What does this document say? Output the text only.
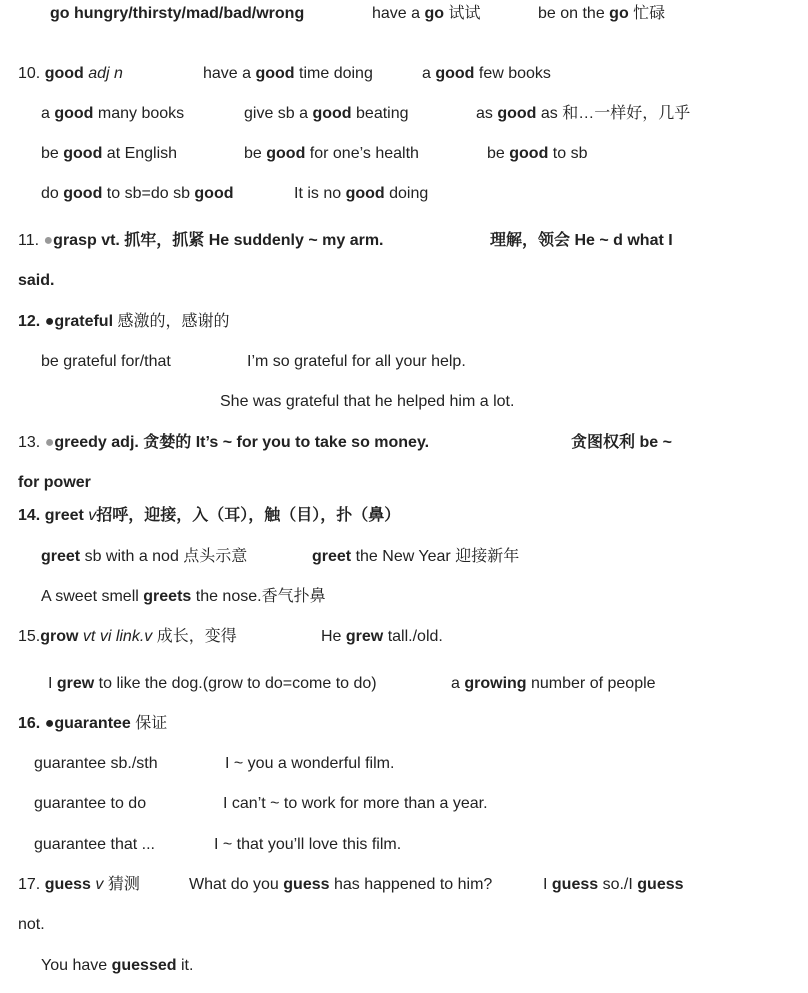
go hungry/thirsty/mad/bad/wrong	have a go 试试	be on the go 忙碌
10. good adj n	have a good time doing	a good few books
a good many books	give sb a good beating	as good as 和…一样好，几乎
be good at English	be good for one’s health	be good to sb
do good to sb=do sb good	It is no good doing
11. ●grasp vt. 抓牢，抓紧 He suddenly ~ my arm.	理解，领会 He ~ d what I
said.
12. ●grateful 感激的，感谢的
be grateful for/that	I’m so grateful for all your help.
She was grateful that he helped him a lot.
13. ●greedy adj. 贪婪的 It’s ~ for you to take so money.	贪图权利 be ~
for power
14. greet v招呼，迎接，入（耳），触（目），扑（鼻）
greet sb with a nod 点头示意	greet the New Year 迎接新年
A sweet smell greets the nose.香气扑鼻
15.grow vt vi link.v 成长，变得	He grew tall./old.
I grew to like the dog.(grow to do=come to do)	a growing number of people
16. ●guarantee 保证
guarantee sb./sth	I ~ you a wonderful film.
guarantee to do	I can’t ~ to work for more than a year.
guarantee that ...	I ~ that you’ll love this film.
17. guess v 猜测	What do you guess has happened to him?	I guess so./I guess
not.
You have guessed it.
